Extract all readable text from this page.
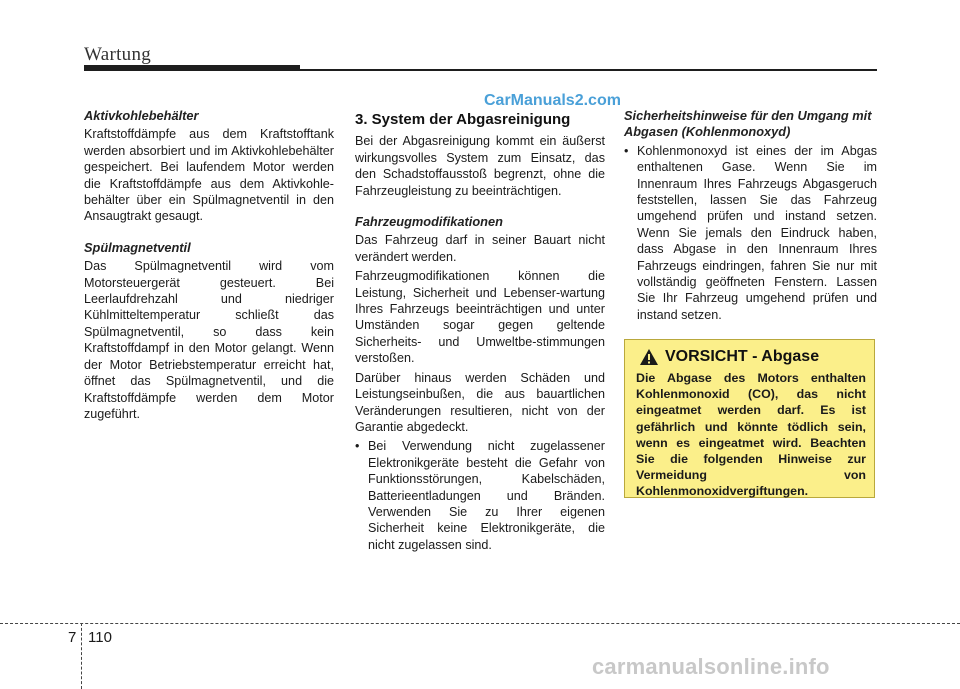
Wartung
CarManuals2.com
Aktivkohlebehälter

Kraftstoffdämpfe aus dem Kraftstofftank werden absorbiert und im Aktivkohlebehälter gespeichert. Bei laufendem Motor werden die Kraftstoffdämpfe aus dem Aktivkohle-behälter über ein Spülmagnetventil in den Ansaugtrakt gesaugt.

Spülmagnetventil

Das Spülmagnetventil wird vom Motorsteuergerät gesteuert. Bei Leerlaufdrehzahl und niedriger Kühlmitteltemperatur schließt das Spülmagnetventil, so dass kein Kraftstoffdampf in den Motor gelangt. Wenn der Motor Betriebstemperatur erreicht hat, öffnet das Spülmagnetventil, und die Kraftstoffdämpfe werden dem Motor zugeführt.

3. System der Abgasreinigung

Bei der Abgasreinigung kommt ein äußerst wirkungsvolles System zum Einsatz, das den Schadstoffausstoß begrenzt, ohne die Fahrzeugleistung zu beeinträchtigen.

Fahrzeugmodifikationen

Das Fahrzeug darf in seiner Bauart nicht verändert werden.

Fahrzeugmodifikationen können die Leistung, Sicherheit und Lebenser-wartung Ihres Fahrzeugs beeinträchtigen und unter Umständen sogar gegen geltende Sicherheits- und Umweltbe-stimmungen verstoßen.

Darüber hinaus werden Schäden und Leistungseinbußen, die aus bauartlichen Veränderungen resultieren, nicht von der Garantie abgedeckt.

• Bei Verwendung nicht zugelassener Elektronikgeräte besteht die Gefahr von Funktionsstörungen, Kabelschäden, Batterieentladungen und Bränden. Verwenden Sie zu Ihrer eigenen Sicherheit keine Elektronikgeräte, die nicht zugelassen sind.
Sicherheitshinweise für den Umgang mit Abgasen (Kohlenmonoxyd)
• Kohlenmonoxyd ist eines der im Abgas enthaltenen Gase. Wenn Sie im Innenraum Ihres Fahrzeugs Abgasgeruch feststellen, lassen Sie das Fahrzeug umgehend prüfen und instand setzen. Wenn Sie jemals den Eindruck haben, dass Abgase in den Innenraum Ihres Fahrzeugs eindringen, fahren Sie nur mit vollständig geöffneten Fenstern. Lassen Sie Ihr Fahrzeug umgehend prüfen und instand setzen.
VORSICHT - Abgase
Die Abgase des Motors enthalten Kohlenmonoxid (CO), das nicht eingeatmet werden darf. Es ist gefährlich und könnte tödlich sein, wenn es eingeatmet wird. Beachten Sie die folgenden Hinweise zur Vermeidung von Kohlenmonoxidvergiftungen.
7 110
carmanualsonline.info
